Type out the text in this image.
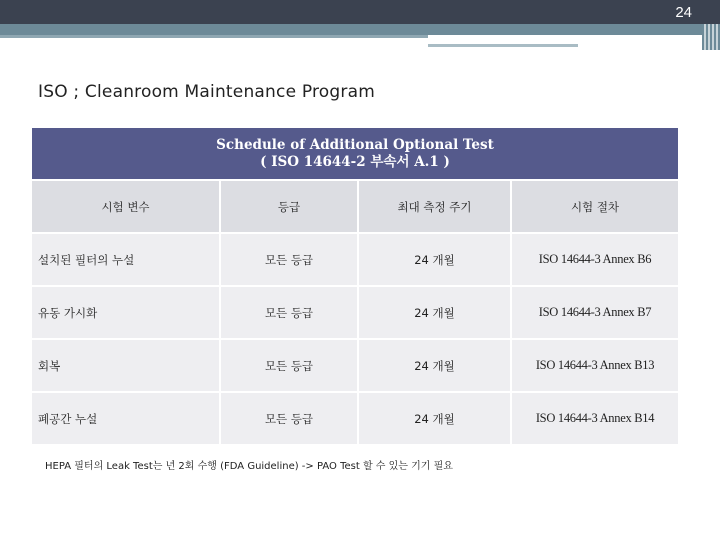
24
ISO ; Cleanroom Maintenance Program
Schedule of Additional Optional Test
( ISO 14644-2 부속서 A.1 )			

시험 변수	등급	최대 측정 주기	시험 절차
설치된 필터의 누설	모든 등급	24 개월	ISO 14644-3 Annex B6
유동 가시화	모든 등급	24 개월	ISO 14644-3 Annex B7
회복	모든 등급	24 개월	ISO 14644-3 Annex B13
폐공간 누설	모든 등급	24 개월	ISO 14644-3 Annex B14
HEPA 필터의 Leak Test는 년 2회 수행 (FDA Guideline) -> PAO Test 할 수 있는 기기 필요
